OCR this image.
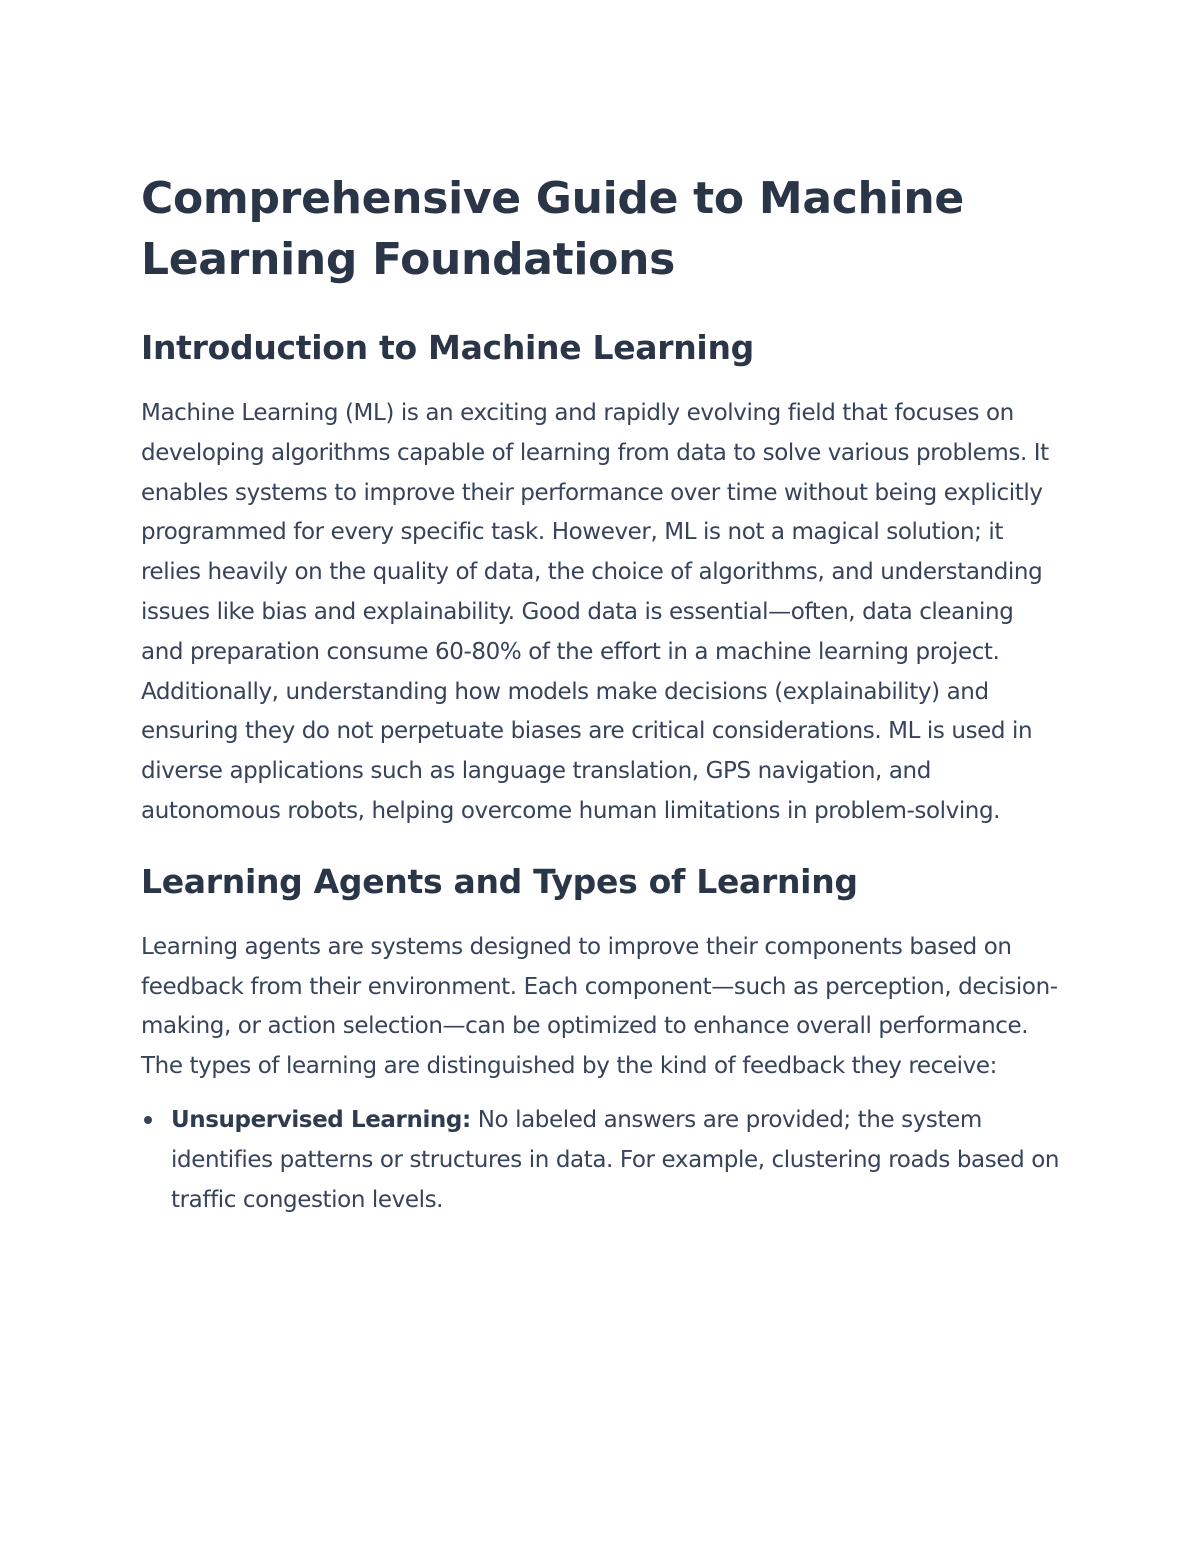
Comprehensive Guide to Machine Learning Foundations
Introduction to Machine Learning

Machine Learning (ML) is an exciting and rapidly evolving field that focuses on developing algorithms capable of learning from data to solve various problems. It enables systems to improve their performance over time without being explicitly programmed for every specific task. However, ML is not a magical solution; it relies heavily on the quality of data, the choice of algorithms, and understanding issues like bias and explainability. Good data is essential—often, data cleaning and preparation consume 60-80% of the effort in a machine learning project. Additionally, understanding how models make decisions (explainability) and ensuring they do not perpetuate biases are critical considerations. ML is used in diverse applications such as language translation, GPS navigation, and autonomous robots, helping overcome human limitations in problem-solving.

Learning Agents and Types of Learning

Learning agents are systems designed to improve their components based on feedback from their environment. Each component—such as perception, decision-making, or action selection—can be optimized to enhance overall performance. The types of learning are distinguished by the kind of feedback they receive:

Unsupervised Learning: No labeled answers are provided; the system identifies patterns or structures in data. For example, clustering roads based on traffic congestion levels.
